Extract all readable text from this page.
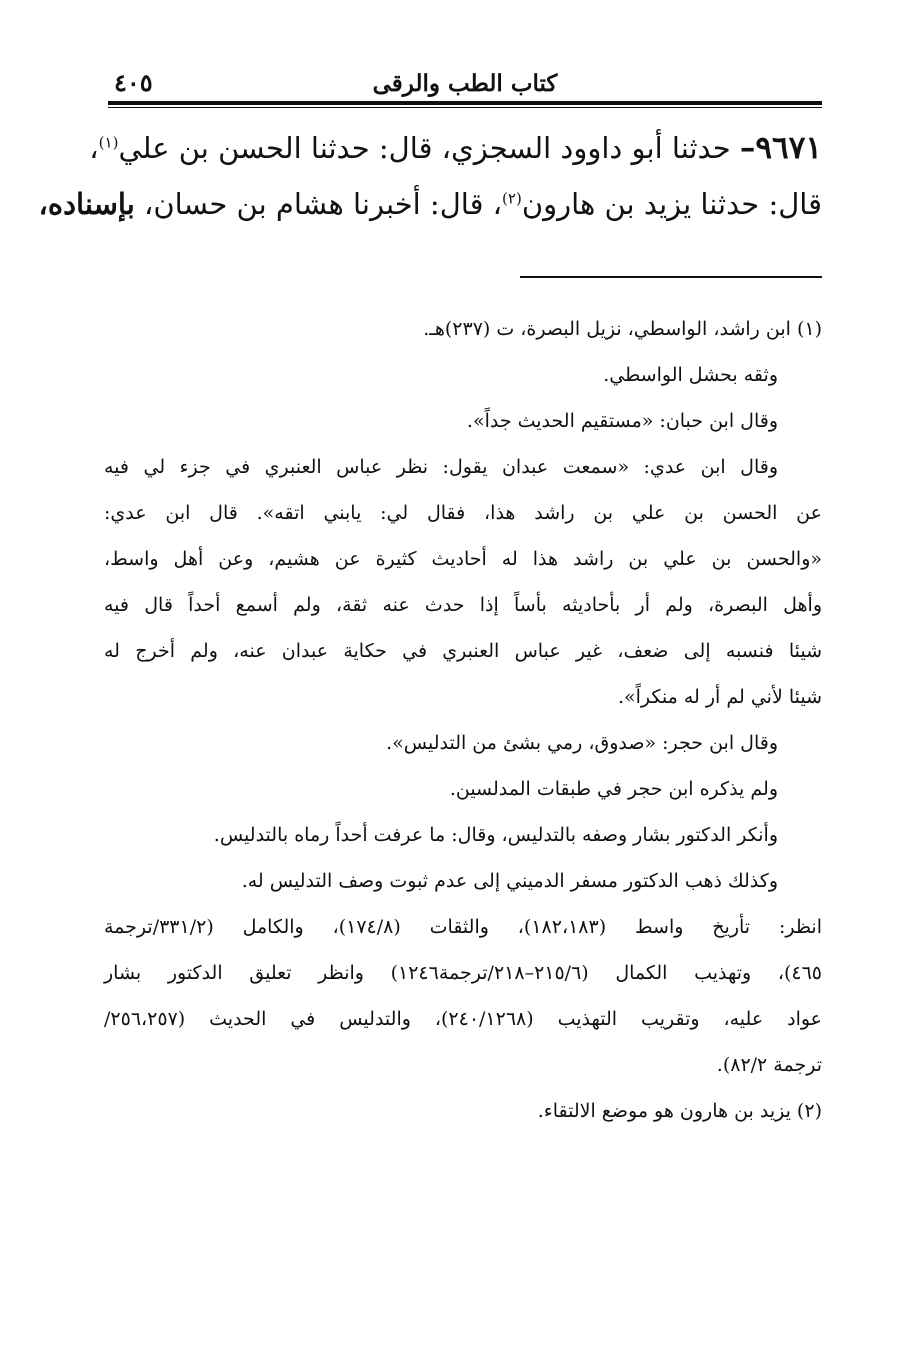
كتاب الطب والرقى
٤٠٥
٩٦٧١– حدثنا أبو داوود السجزي، قال: حدثنا الحسن بن علي$^{(١)}$،
قال: حدثنا يزيد بن هارون$^{(٢)}$، قال: أخبرنا هشام بن حسان، بإسناده،
(١) ابن راشد، الواسطي، نزيل البصرة، ت (٢٣٧)هـ.
وثقه بحشل الواسطي.
وقال ابن حبان: «مستقيم الحديث جداً».
وقال ابن عدي: «سمعت عبدان يقول: نظر عباس العنبري في جزء لي فيه
عن الحسن بن علي بن راشد هذا، فقال لي: يابني اتقه». قال ابن عدي:
«والحسن بن علي بن راشد هذا له أحاديث كثيرة عن هشيم، وعن أهل واسط،
وأهل البصرة، ولم أر بأحاديثه بأساً إذا حدث عنه ثقة، ولم أسمع أحداً قال فيه
شيئا فنسبه إلى ضعف، غير عباس العنبري في حكاية عبدان عنه، ولم أخرج له
شيئا لأني لم أر له منكراً».
وقال ابن حجر: «صدوق، رمي بشئ من التدليس».
ولم يذكره ابن حجر في طبقات المدلسين.
وأنكر الدكتور بشار وصفه بالتدليس، وقال: ما عرفت أحداً رماه بالتدليس.
وكذلك ذهب الدكتور مسفر الدميني إلى عدم ثبوت وصف التدليس له.
انظر: تأريخ واسط (١٨٢،١٨٣)، والثقات (١٧٤/٨)، والكامل (٣٣١/٢/ترجمة
٤٦٥)، وتهذيب الكمال (٢١٥/٦–٢١٨/ترجمة١٢٤٦) وانظر تعليق الدكتور بشار
عواد عليه، وتقريب التهذيب (٢٤٠/١٢٦٨)، والتدليس في الحديث (٢٥٦،٢٥٧/
ترجمة ٨٢/٢).
(٢) يزيد بن هارون هو موضع الالتقاء.
